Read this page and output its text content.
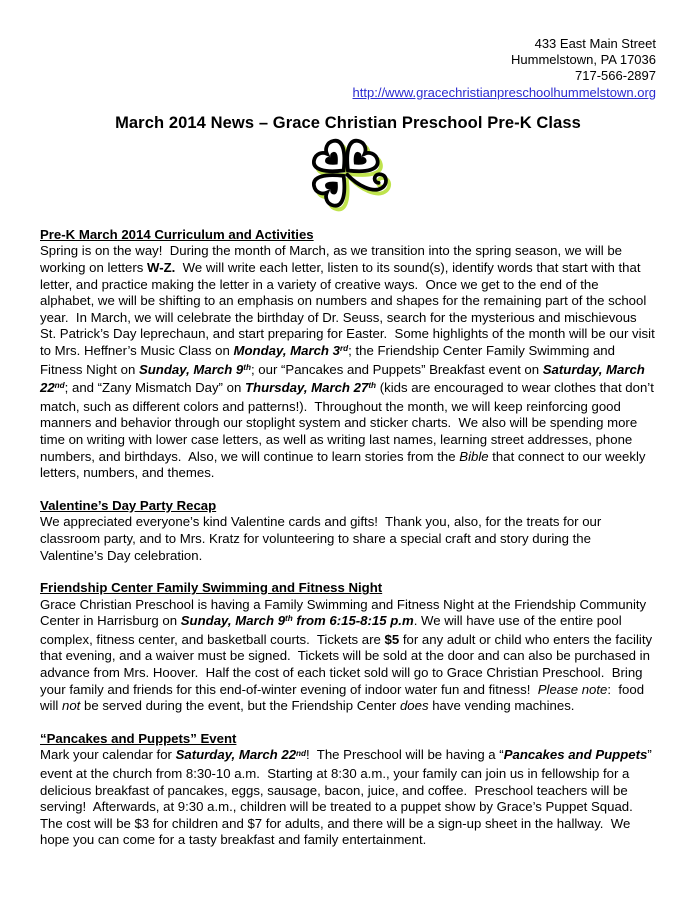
433 East Main Street
Hummelstown, PA 17036
717-566-2897
http://www.gracechristianpreschoolhummelstown.org
March 2014 News – Grace Christian Preschool Pre-K Class
Pre-K March 2014 Curriculum and Activities
Spring is on the way!  During the month of March, as we transition into the spring season, we will be working on letters W-Z.  We will write each letter, listen to its sound(s), identify words that start with that letter, and practice making the letter in a variety of creative ways.  Once we get to the end of the alphabet, we will be shifting to an emphasis on numbers and shapes for the remaining part of the school year.  In March, we will celebrate the birthday of Dr. Seuss, search for the mysterious and mischievous St. Patrick’s Day leprechaun, and start preparing for Easter.  Some highlights of the month will be our visit to Mrs. Heffner’s Music Class on Monday, March 3rd; the Friendship Center Family Swimming and Fitness Night on Sunday, March 9th; our “Pancakes and Puppets” Breakfast event on Saturday, March 22nd; and “Zany Mismatch Day” on Thursday, March 27th (kids are encouraged to wear clothes that don’t match, such as different colors and patterns!).  Throughout the month, we will keep reinforcing good manners and behavior through our stoplight system and sticker charts.  We also will be spending more time on writing with lower case letters, as well as writing last names, learning street addresses, phone numbers, and birthdays.  Also, we will continue to learn stories from the Bible that connect to our weekly letters, numbers, and themes.
Valentine’s Day Party Recap
We appreciated everyone’s kind Valentine cards and gifts!  Thank you, also, for the treats for our classroom party, and to Mrs. Kratz for volunteering to share a special craft and story during the Valentine’s Day celebration.
Friendship Center Family Swimming and Fitness Night
Grace Christian Preschool is having a Family Swimming and Fitness Night at the Friendship Community Center in Harrisburg on Sunday, March 9th from 6:15-8:15 p.m. We will have use of the entire pool complex, fitness center, and basketball courts.  Tickets are $5 for any adult or child who enters the facility that evening, and a waiver must be signed.  Tickets will be sold at the door and can also be purchased in advance from Mrs. Hoover.  Half the cost of each ticket sold will go to Grace Christian Preschool.  Bring your family and friends for this end-of-winter evening of indoor water fun and fitness!  Please note:  food will not be served during the event, but the Friendship Center does have vending machines.
“Pancakes and Puppets” Event
Mark your calendar for Saturday, March 22nd!  The Preschool will be having a “Pancakes and Puppets” event at the church from 8:30-10 a.m.  Starting at 8:30 a.m., your family can join us in fellowship for a delicious breakfast of pancakes, eggs, sausage, bacon, juice, and coffee.  Preschool teachers will be serving!  Afterwards, at 9:30 a.m., children will be treated to a puppet show by Grace’s Puppet Squad.  The cost will be $3 for children and $7 for adults, and there will be a sign-up sheet in the hallway.  We hope you can come for a tasty breakfast and family entertainment.
